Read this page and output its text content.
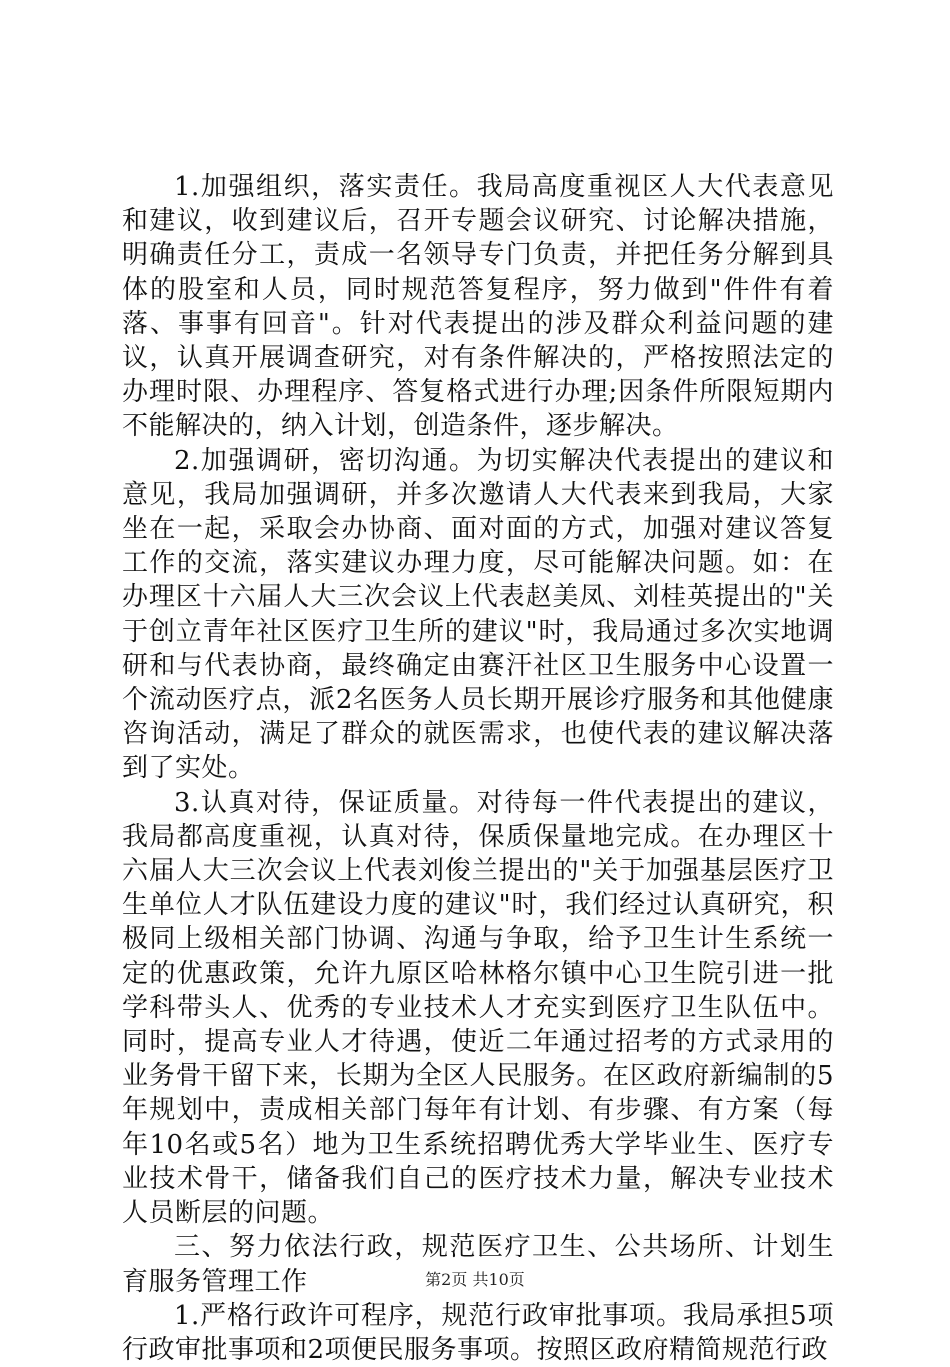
1.加强组织，落实责任。我局高度重视区人大代表意见和建议，收到建议后，召开专题会议研究、讨论解决措施，明确责任分工，责成一名领导专门负责，并把任务分解到具体的股室和人员，同时规范答复程序，努力做到"件件有着落、事事有回音"。针对代表提出的涉及群众利益问题的建议，认真开展调查研究，对有条件解决的，严格按照法定的办理时限、办理程序、答复格式进行办理;因条件所限短期内不能解决的，纳入计划，创造条件，逐步解决。

2.加强调研，密切沟通。为切实解决代表提出的建议和意见，我局加强调研，并多次邀请人大代表来到我局，大家坐在一起，采取会办协商、面对面的方式，加强对建议答复工作的交流，落实建议办理力度，尽可能解决问题。如：在办理区十六届人大三次会议上代表赵美凤、刘桂英提出的"关于创立青年社区医疗卫生所的建议"时，我局通过多次实地调研和与代表协商，最终确定由赛汗社区卫生服务中心设置一个流动医疗点，派2名医务人员长期开展诊疗服务和其他健康咨询活动，满足了群众的就医需求，也使代表的建议解决落到了实处。

3.认真对待，保证质量。对待每一件代表提出的建议，我局都高度重视，认真对待，保质保量地完成。在办理区十六届人大三次会议上代表刘俊兰提出的"关于加强基层医疗卫生单位人才队伍建设力度的建议"时，我们经过认真研究，积极同上级相关部门协调、沟通与争取，给予卫生计生系统一定的优惠政策，允许九原区哈林格尔镇中心卫生院引进一批学科带头人、优秀的专业技术人才充实到医疗卫生队伍中。同时，提高专业人才待遇，使近二年通过招考的方式录用的业务骨干留下来，长期为全区人民服务。在区政府新编制的5年规划中，责成相关部门每年有计划、有步骤、有方案（每年10名或5名）地为卫生系统招聘优秀大学毕业生、医疗专业技术骨干，储备我们自己的医疗技术力量，解决专业技术人员断层的问题。

三、努力依法行政，规范医疗卫生、公共场所、计划生育服务管理工作

1.严格行政许可程序，规范行政审批事项。我局承担5项行政审批事项和2项便民服务事项。按照区政府精简规范行政

第2页 共10页
